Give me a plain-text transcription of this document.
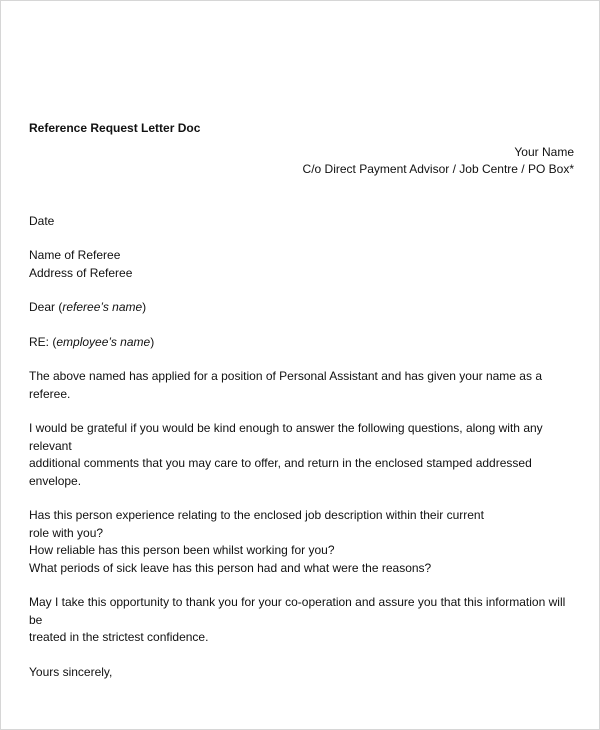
Reference Request Letter Doc

Your Name
C/o Direct Payment Advisor / Job Centre / PO Box*
Date
Name of Referee
Address of Referee
Dear (referee’s name)
RE: (employee’s name)
The above named has applied for a position of Personal Assistant and has given your name as a referee.

I would be grateful if you would be kind enough to answer the following questions, along with any relevant

additional comments that you may care to offer, and return in the enclosed stamped addressed envelope.

Has this person experience relating to the enclosed job description within their current

role with you?

How reliable has this person been whilst working for you?

What periods of sick leave has this person had and what were the reasons?

May I take this opportunity to thank you for your co-operation and assure you that this information will be

treated in the strictest confidence.

Yours sincerely,
